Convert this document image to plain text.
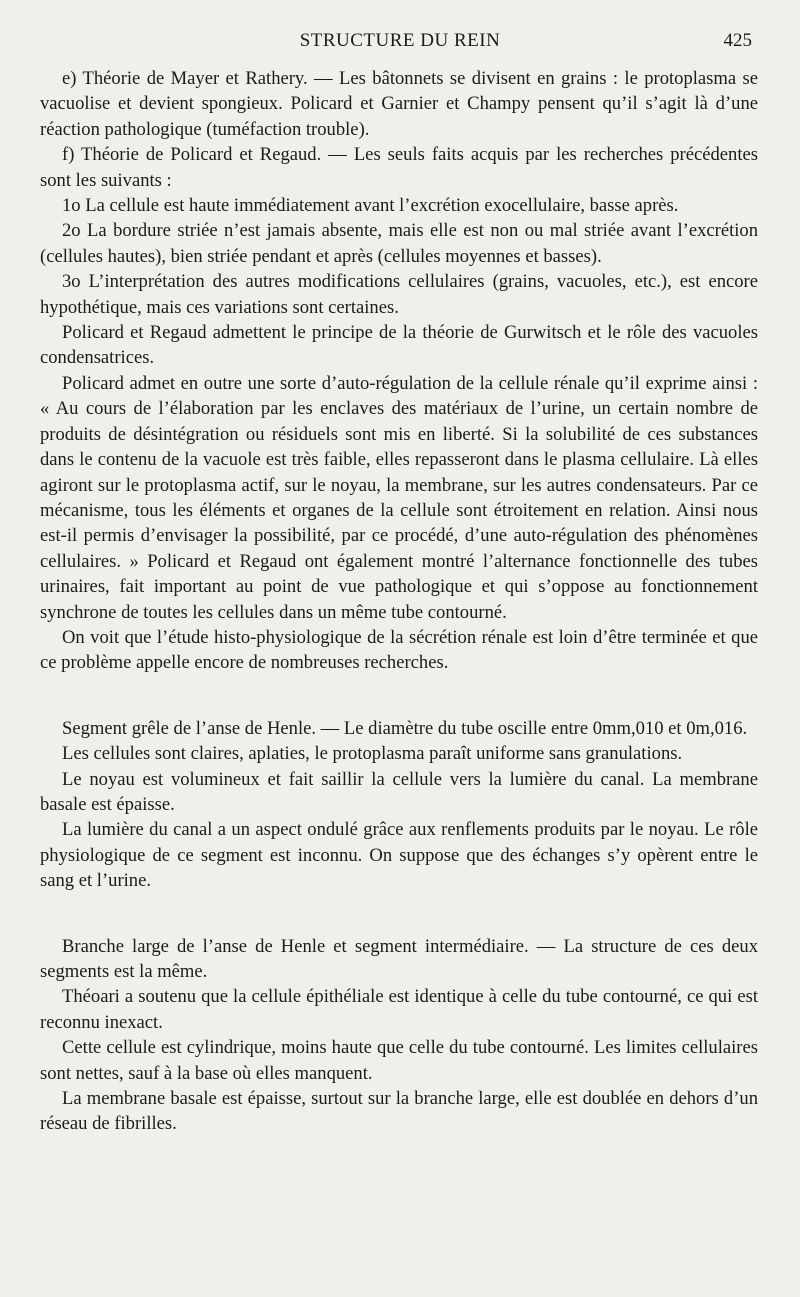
STRUCTURE DU REIN	425

e) Théorie de Mayer et Rathery. — Les bâtonnets se divisent en grains : le protoplasma se vacuolise et devient spongieux. Policard et Garnier et Champy pensent qu’il s’agit là d’une réaction pathologique (tuméfaction trouble).

f) Théorie de Policard et Regaud. — Les seuls faits acquis par les recherches précédentes sont les suivants :

1o La cellule est haute immédiatement avant l’excrétion exocellulaire, basse après.

2o La bordure striée n’est jamais absente, mais elle est non ou mal striée avant l’excrétion (cellules hautes), bien striée pendant et après (cellules moyennes et basses).

3o L’interprétation des autres modifications cellulaires (grains, vacuoles, etc.), est encore hypothétique, mais ces variations sont certaines.

Policard et Regaud admettent le principe de la théorie de Gurwitsch et le rôle des vacuoles condensatrices.

Policard admet en outre une sorte d’auto-régulation de la cellule rénale qu’il exprime ainsi : « Au cours de l’élaboration par les enclaves des matériaux de l’urine, un certain nombre de produits de désintégration ou résiduels sont mis en liberté. Si la solubilité de ces substances dans le contenu de la vacuole est très faible, elles repasseront dans le plasma cellulaire. Là elles agiront sur le protoplasma actif, sur le noyau, la membrane, sur les autres condensateurs. Par ce mécanisme, tous les éléments et organes de la cellule sont étroitement en relation. Ainsi nous est-il permis d’envisager la possibilité, par ce procédé, d’une auto-régulation des phénomènes cellulaires. » Policard et Regaud ont également montré l’alternance fonctionnelle des tubes urinaires, fait important au point de vue pathologique et qui s’oppose au fonctionnement synchrone de toutes les cellules dans un même tube contourné.

On voit que l’étude histo-physiologique de la sécrétion rénale est loin d’être terminée et que ce problème appelle encore de nombreuses recherches.

Segment grêle de l’anse de Henle. — Le diamètre du tube oscille entre 0mm,010 et 0m,016.

Les cellules sont claires, aplaties, le protoplasma paraît uniforme sans granulations.

Le noyau est volumineux et fait saillir la cellule vers la lumière du canal. La membrane basale est épaisse.

La lumière du canal a un aspect ondulé grâce aux renflements produits par le noyau. Le rôle physiologique de ce segment est inconnu. On suppose que des échanges s’y opèrent entre le sang et l’urine.

Branche large de l’anse de Henle et segment intermédiaire. — La structure de ces deux segments est la même.

Théoari a soutenu que la cellule épithéliale est identique à celle du tube contourné, ce qui est reconnu inexact.

Cette cellule est cylindrique, moins haute que celle du tube contourné. Les limites cellulaires sont nettes, sauf à la base où elles manquent.

La membrane basale est épaisse, surtout sur la branche large, elle est doublée en dehors d’un réseau de fibrilles.
